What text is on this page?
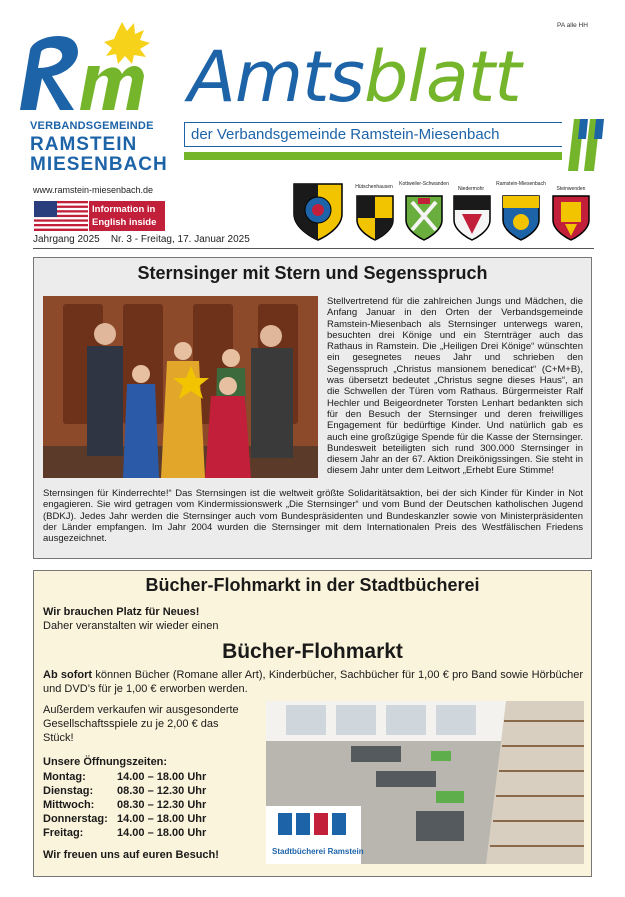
PA alle HH
VERBANDSGEMEINDE
RAMSTEIN
MIESENBACH
Amtsblatt
der Verbandsgemeinde Ramstein-Miesenbach
www.ramstein-miesenbach.de
Information in
English inside
Jahrgang 2025    Nr. 3 - Freitag, 17. Januar 2025
Hütschenhausen	Kottweiler-Schwanden
Niedermohr
Ramstein-Miesenbach
Steinwenden
Sternsinger mit Stern und Segensspruch
Stellvertretend für die zahlreichen Jungs und Mädchen, die Anfang Januar in den Orten der Verbandsgemeinde Ramstein-Miesenbach als Sternsinger unterwegs waren, besuchten drei Könige und ein Sternträger auch das Rathaus in Ramstein. Die „Heiligen Drei Könige“ wünschten ein gesegnetes neues Jahr und schrieben den Segensspruch „Christus mansionem benedicat“ (C+M+B), was übersetzt bedeutet „Christus segne dieses Haus“, an die Schwellen der Türen vom Rathaus. Bürgermeister Ralf Hechler und Beigeordneter Torsten Lenhart bedankten sich für den Besuch der Sternsinger und deren freiwilliges Engagement für bedürftige Kinder. Und natürlich gab es auch eine großzügige Spende für die Kasse der Sternsinger. Bundesweit beteiligten sich rund 300.000 Sternsinger in diesem Jahr an der 67. Aktion Dreikönigssingen. Sie steht in diesem Jahr unter dem Leitwort „Erhebt Eure Stimme!
Sternsingen für Kinderrechte!“ Das Sternsingen ist die weltweit größte Solidaritätsaktion, bei der sich Kinder für Kinder in Not engagieren. Sie wird getragen vom Kindermissionswerk „Die Sternsinger“ und vom Bund der Deutschen katholischen Jugend (BDKJ). Jedes Jahr werden die Sternsinger auch vom Bundespräsidenten und Bundeskanzler sowie von Ministerpräsidenten der Länder empfangen. Im Jahr 2004 wurden die Sternsinger mit dem Internationalen Preis des Westfälischen Friedens ausgezeichnet.
Bücher-Flohmarkt in der Stadtbücherei
Wir brauchen Platz für Neues!
Daher veranstalten wir wieder einen
Bücher-Flohmarkt
Ab sofort können Bücher (Romane aller Art), Kinderbücher, Sachbücher für 1,00 € pro Band sowie Hörbücher und DVD’s für je 1,00 € erworben werden.
Außerdem verkaufen wir ausgesonderte Gesellschaftsspiele zu je 2,00 € das Stück!
Unsere Öffnungszeiten:
Montag:	14.00 – 18.00 Uhr
Dienstag:	08.30 – 12.30 Uhr
Mittwoch:	08.30 – 12.30 Uhr
Donnerstag: 14.00 – 18.00 Uhr
Freitag:	14.00 – 18.00 Uhr
Wir freuen uns auf euren Besuch!	Stadtbücherei Ramstein
